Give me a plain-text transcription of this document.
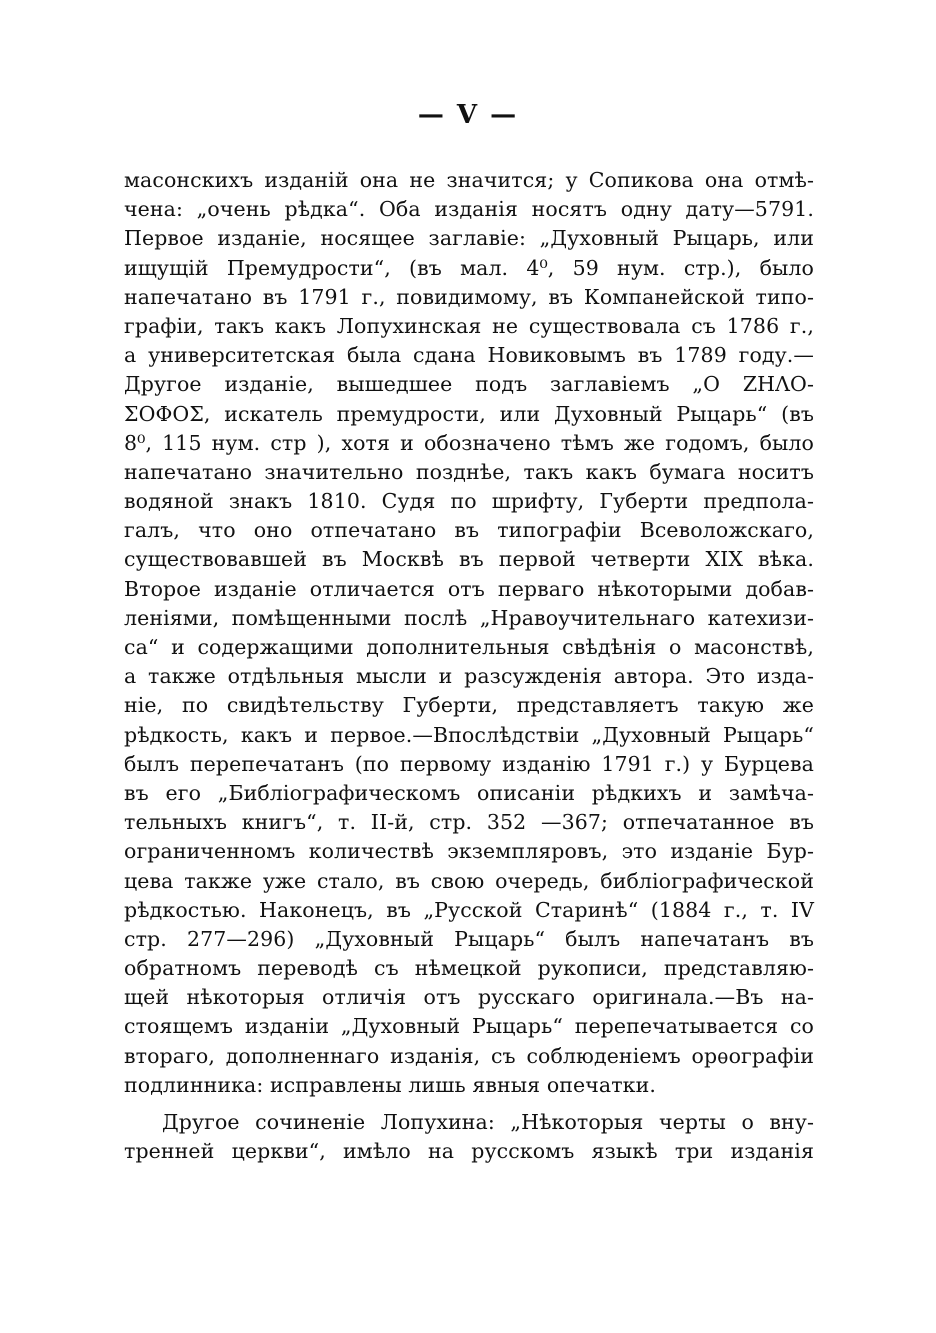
— V —
масонскихъ изданій она не значится; у Сопикова она отмѣ-
чена: „очень рѣдка“. Оба изданія носятъ одну дату—5791.
Первое изданіе, носящее заглавіе: „Духовный Рыцарь, или
ищущій Премудрости“, (въ мал. 4⁰, 59 нум. стр.), было
напечатано въ 1791 г., повидимому, въ Компанейской типо-
графіи, такъ какъ Лопухинская не существовала съ 1786 г.,
а университетская была сдана Новиковымъ въ 1789 году.—
Другое изданіе, вышедшее подъ заглавіемъ „О ΖΗΛΟ-
ΣΟΦΟΣ, искатель премудрости, или Духовный Рыцарь“ (въ
8⁰, 115 нум. стр ), хотя и обозначено тѣмъ же годомъ, было
напечатано значительно позднѣе, такъ какъ бумага носитъ
водяной знакъ 1810. Судя по шрифту, Губерти предпола-
галъ, что оно отпечатано въ типографіи Всеволожскаго,
существовавшей въ Москвѣ въ первой четверти XIX вѣка.
Второе изданіе отличается отъ перваго нѣкоторыми добав-
леніями, помѣщенными послѣ „Нравоучительнаго катехизи-
са“ и содержащими дополнительныя свѣдѣнія о масонствѣ,
а также отдѣльныя мысли и разсужденія автора. Это изда-
ніе, по свидѣтельству Губерти, представляетъ такую же
рѣдкость, какъ и первое.—Впослѣдствіи „Духовный Рыцарь“
былъ перепечатанъ (по первому изданію 1791 г.) у Бурцева
въ его „Библіографическомъ описаніи рѣдкихъ и замѣча-
тельныхъ книгъ“, т. ІІ-й, стр. 352 —367; отпечатанное въ
ограниченномъ количествѣ экземпляровъ, это изданіе Бур-
цева также уже стало, въ свою очередь, библіографической
рѣдкостью. Наконецъ, въ „Русской Старинѣ“ (1884 г., т. IV
стр. 277—296) „Духовный Рыцарь“ былъ напечатанъ въ
обратномъ переводѣ съ нѣмецкой рукописи, представляю-
щей нѣкоторыя отличія отъ русскаго оригинала.—Въ на-
стоящемъ изданіи „Духовный Рыцарь“ перепечатывается со
втораго, дополненнаго изданія, съ соблюденіемъ орѳографіи
подлинника: исправлены лишь явныя опечатки.
Другое сочиненіе Лопухина: „Нѣкоторыя черты о вну-
тренней церкви“, имѣло на русскомъ языкѣ три изданія
